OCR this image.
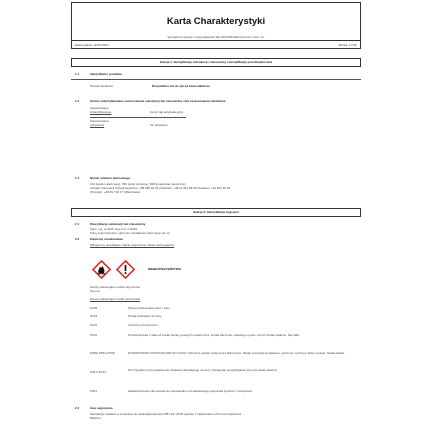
Karta Charakterystyki
Sporządzona zgodnie z rozporządzeniem WE 1907/2006 (REACH) wraz z późn. zm.
Data wydania: 10.03.2020 r.	Wersja: 1.0 PL
Sekcja 1: Identyfikacja substancji / mieszaniny i identyfikacja przedsiębiorstwa
1.1	Identyfikator produktu
Nazwa handlowa	Dezynfektor żel do rąk na bazie alkoholu
1.2	Istotne zidentyfikowane zastosowania substancji lub mieszaniny oraz zastosowania odradzane
Zastosowanie
zidentyfikowane	żel do rąk antybakteryjny
Zastosowania
odradzane	nie określono
1.4	Numer telefonu alarmowego
112 (telefon alarmowy), 999 (straż pożarna), 998 (pogotowie medyczne)
Ośrodki Informacji Toksykologicznej: +58 682 04 04 (Gdańsk), +48 12 411 99 99 (Kraków), +61 847 69 46
(Poznań), +48 81 718 17 (Warszawa)
Sekcja 2: Identyfikacja zagrożeń
2.1	Klasyfikacja substancji lub mieszaniny
Flam. Liq. 2 H225, Eye Irrit. 2 H319
Pełny tekst zwrotów: patrz pkt. Dodatkowe informacje ws. kl.
2.2	Elementy oznakowania
Piktogramy określające rodzaj zagrożenia i hasło ostrzegawcze
NIEBEZPIECZEŃSTWO
Zwroty wskazujące rodzaj zagrożenia
Nie ma.
Zwroty wskazujące środki ostrożności
H225	Wysoce łatwopalna ciecz i pary.
H319	Działa drażniąco na oczy.
P102	Chronić przed dziećmi.
P210	Przechowywać z dala od źródeł ciepła, gorących powierzchni, źródeł iskrzenia, otwartego ognia i innych źródeł zapłonu. Nie palić.
P305+P351+P338	W PRZYPADKU DOSTANIA SIĘ DO OCZU: Ostrożnie płukać wodą przez kilka minut. Wyjąć soczewki kontaktowe, jeżeli są i można je łatwo usunąć. Nadal płukać.
P337+P313	W przypadku utrzymywania się działania drażniącego na oczy: Zasięgnąć porady/zgłosić się pod opiekę lekarza.
P501	Zawartość/pojemnik usuwać do odpowiednio oznakowanego pojemnika zgodnie z przepisami.
2.3	Inne zagrożenia
Substancje zawarte w produkcie nie spełniają kryteriów PBT lub vPvB zgodnie z załącznikiem XIII rozporządzenia
REACH.
